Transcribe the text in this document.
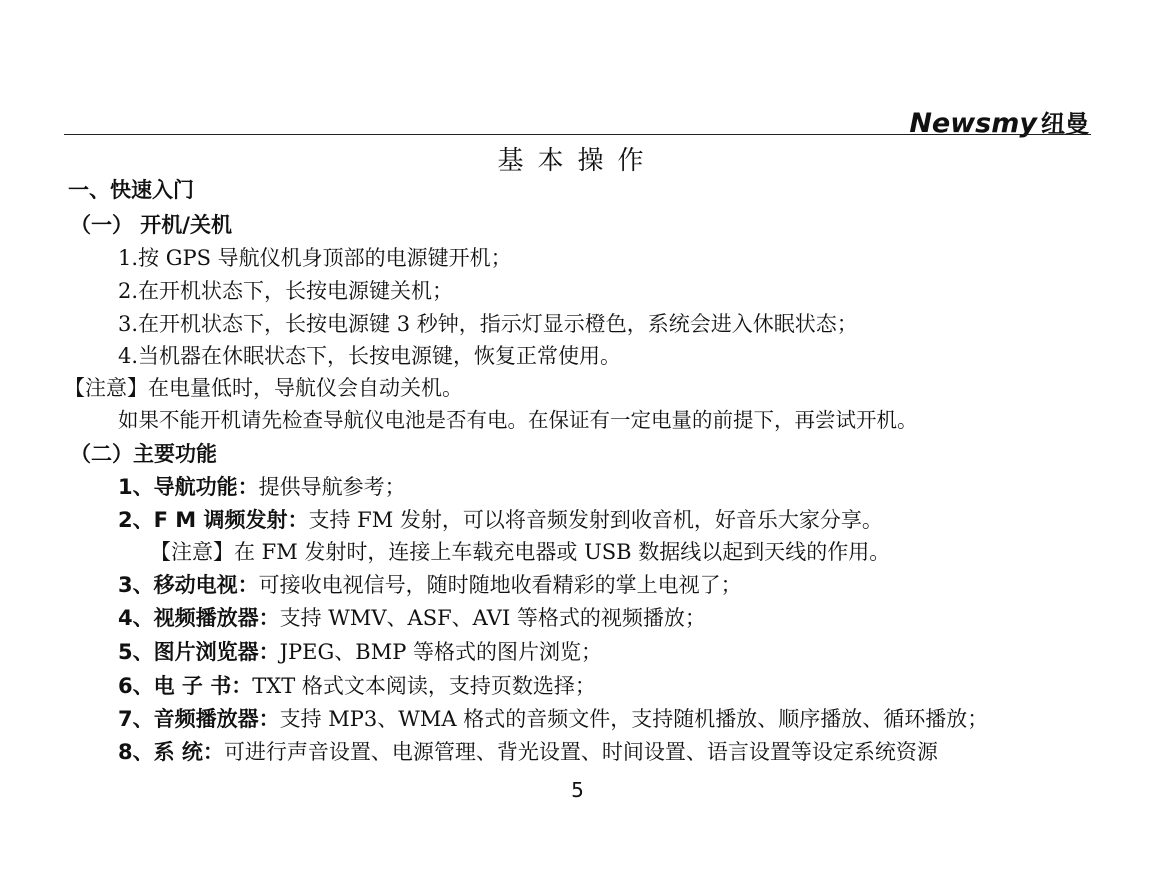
Newsmy 纽曼
基本操作
一、快速入门
（一） 开机/关机
1.按 GPS 导航仪机身顶部的电源键开机；
2.在开机状态下，长按电源键关机；
3.在开机状态下，长按电源键 3 秒钟，指示灯显示橙色，系统会进入休眠状态；
4.当机器在休眠状态下，长按电源键，恢复正常使用。
【注意】在电量低时，导航仪会自动关机。
如果不能开机请先检查导航仪电池是否有电。在保证有一定电量的前提下，再尝试开机。
（二）主要功能
1、导航功能：提供导航参考；
2、F M 调频发射：支持 FM 发射，可以将音频发射到收音机，好音乐大家分享。
【注意】在 FM 发射时，连接上车载充电器或 USB 数据线以起到天线的作用。
3、移动电视：可接收电视信号，随时随地收看精彩的掌上电视了；
4、视频播放器：支持 WMV、ASF、AVI 等格式的视频播放；
5、图片浏览器：JPEG、BMP 等格式的图片浏览；
6、电 子 书：TXT 格式文本阅读，支持页数选择；
7、音频播放器：支持 MP3、WMA 格式的音频文件，支持随机播放、顺序播放、循环播放；
8、系 统：可进行声音设置、电源管理、背光设置、时间设置、语言设置等设定系统资源
5
